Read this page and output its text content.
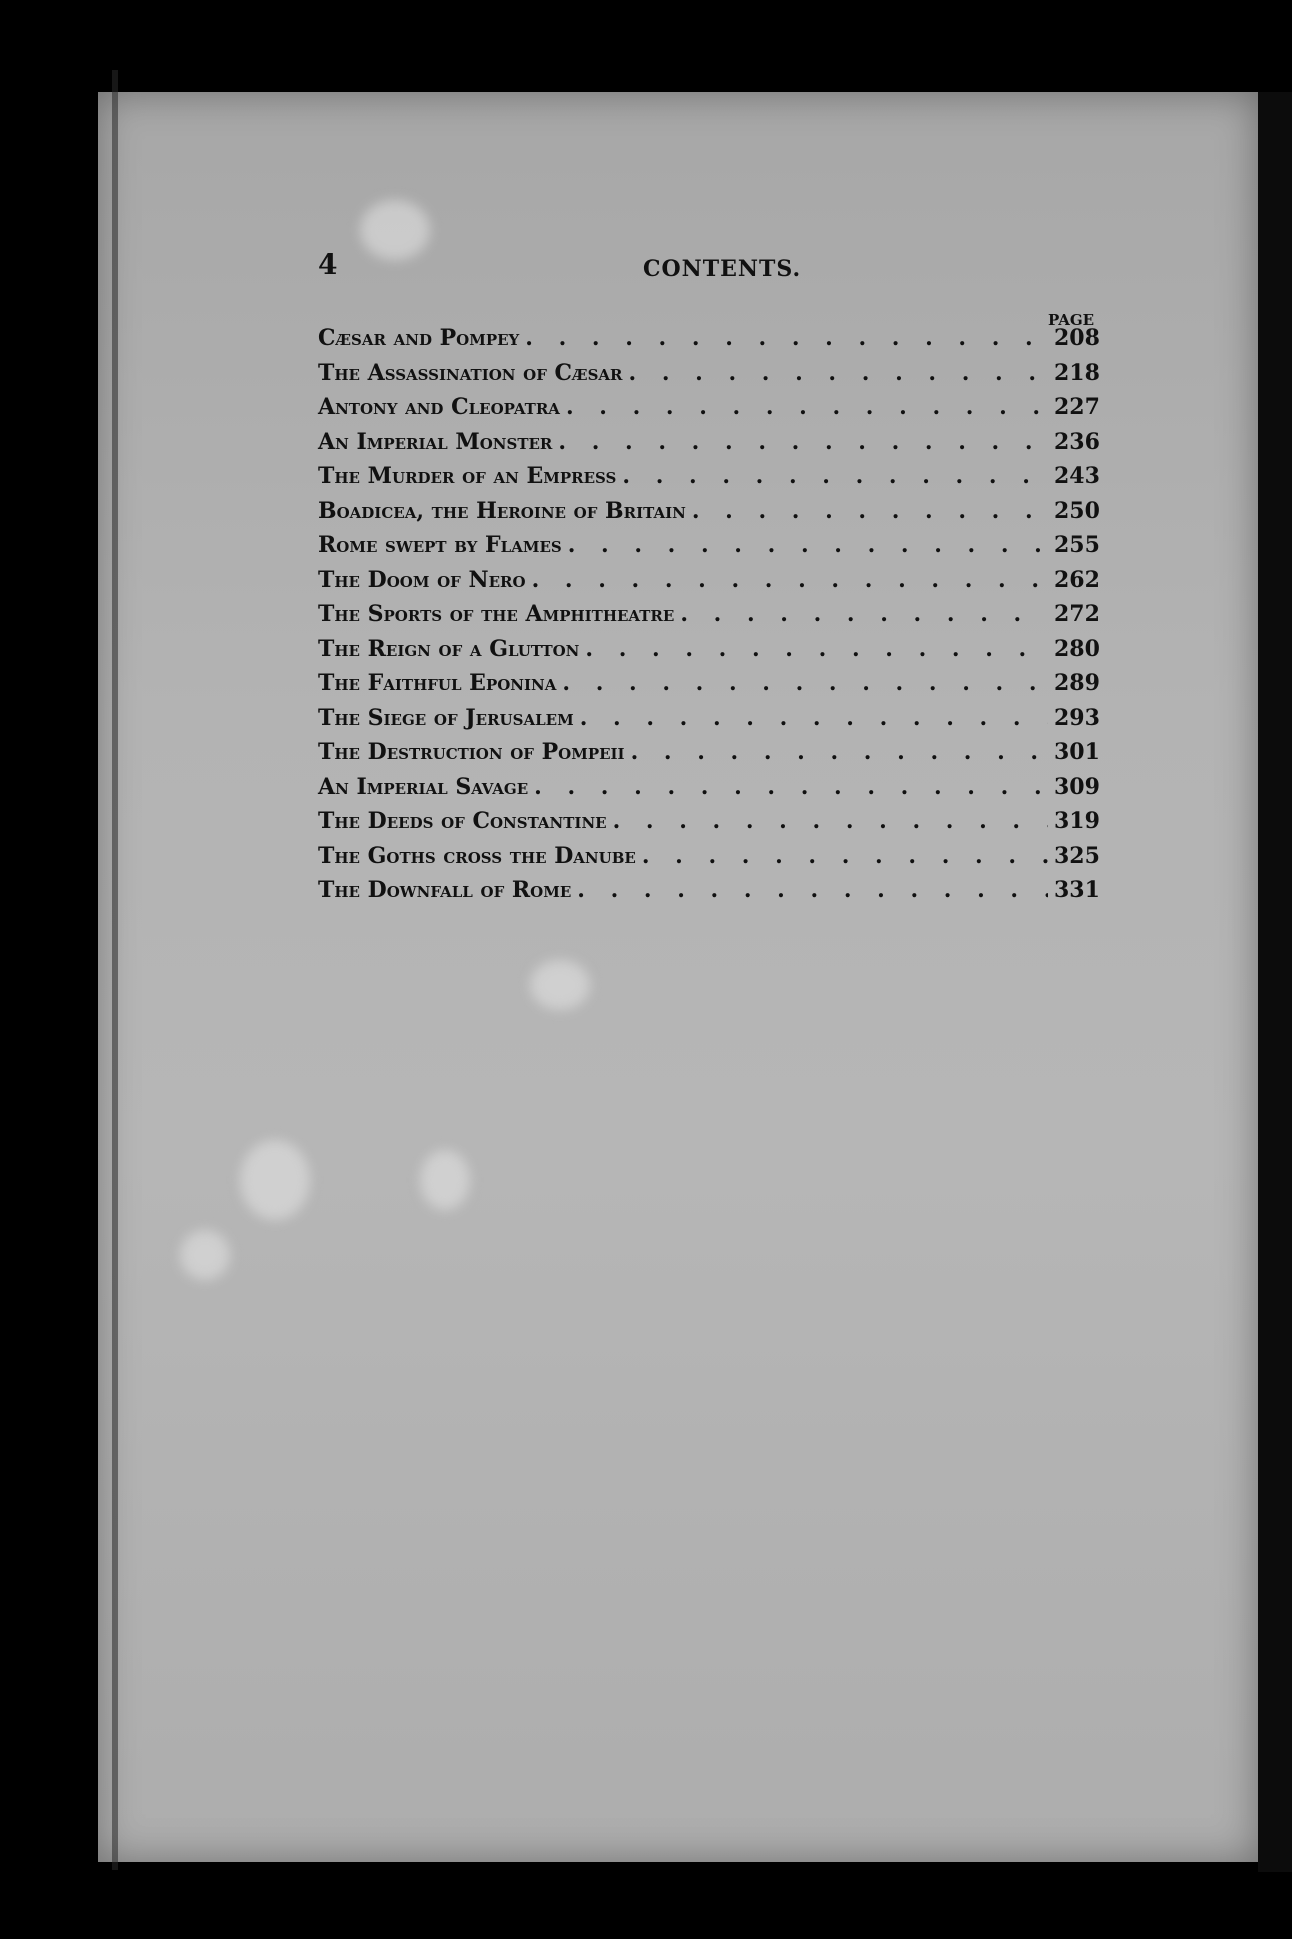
4	CONTENTS.
PAGE
Cæsar and Pompey . . .	208
The Assassination of Cæsar . . .	218
Antony and Cleopatra . . .	227
An Imperial Monster . . .	236
The Murder of an Empress . . .	243
Boadicea, the Heroine of Britain . . .	250
Rome swept by Flames . . .	255
The Doom of Nero . . .	262
The Sports of the Amphitheatre . . .	272
The Reign of a Glutton . . .	280
The Faithful Eponina . . .	289
The Siege of Jerusalem . . .	293
The Destruction of Pompeii . . .	301
An Imperial Savage . . .	309
The Deeds of Constantine . . .	319
The Goths cross the Danube . . .	325
The Downfall of Rome . . .	331
